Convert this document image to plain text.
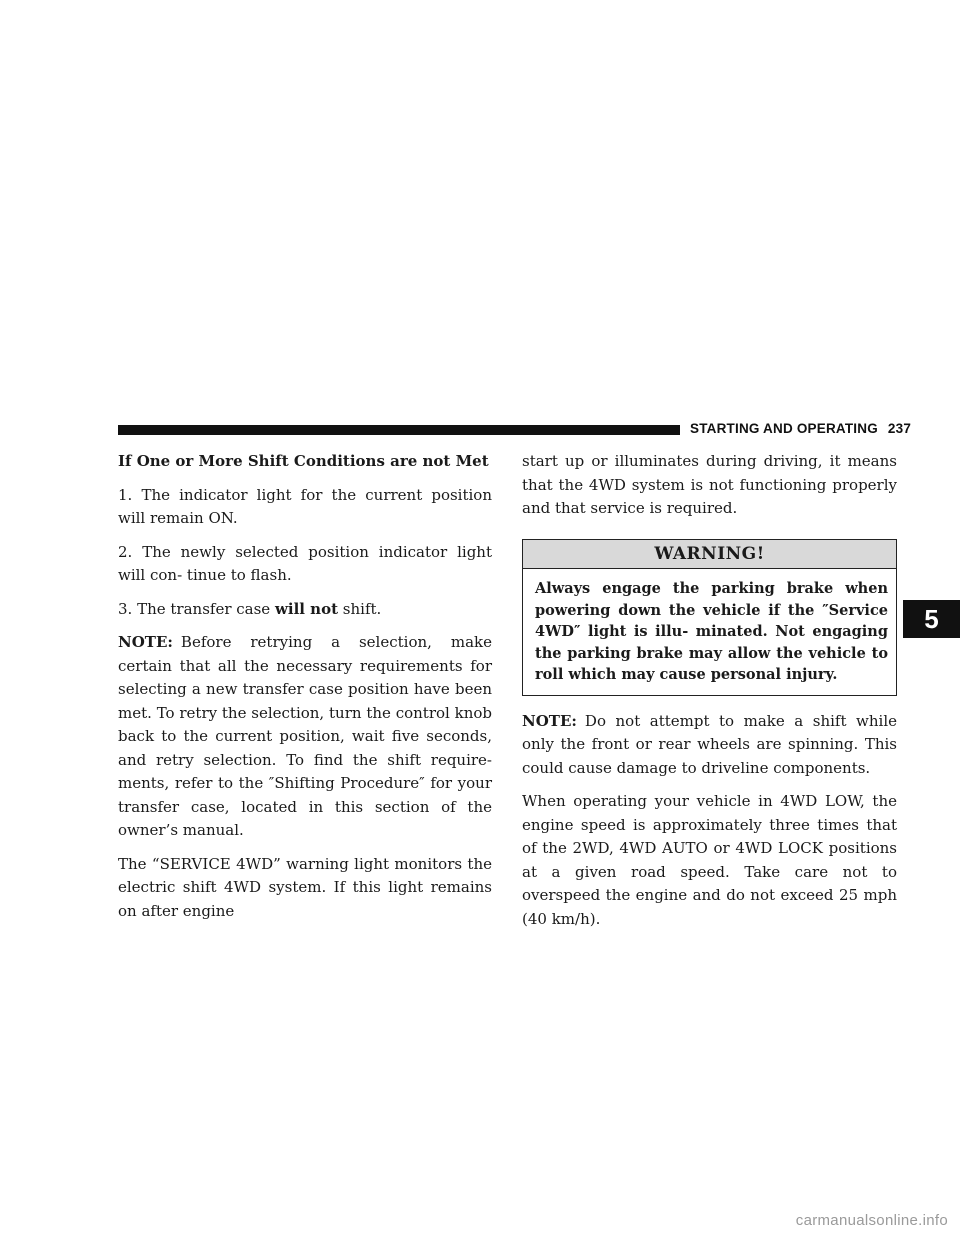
STARTING AND OPERATING 237

If One or More Shift Conditions are not Met

1. The indicator light for the current position will remain ON.

2. The newly selected position indicator light will con- tinue to flash.

3. The transfer case will not shift.

NOTE: Before retrying a selection, make certain that all the necessary requirements for selecting a new transfer case position have been met. To retry the selection, turn the control knob back to the current position, wait five seconds, and retry selection. To find the shift require- ments, refer to the ″Shifting Procedure″ for your transfer case, located in this section of the owner’s manual.

The “SERVICE 4WD” warning light monitors the electric shift 4WD system. If this light remains on after engine

start up or illuminates during driving, it means that the 4WD system is not functioning properly and that service is required.

WARNING!
Always engage the parking brake when powering down the vehicle if the ″Service 4WD″ light is illu- minated. Not engaging the parking brake may allow the vehicle to roll which may cause personal injury.

NOTE: Do not attempt to make a shift while only the front or rear wheels are spinning. This could cause damage to driveline components.

When operating your vehicle in 4WD LOW, the engine speed is approximately three times that of the 2WD, 4WD AUTO or 4WD LOCK positions at a given road speed. Take care not to overspeed the engine and do not exceed 25 mph (40 km/h).

5
carmanualsonline.info
